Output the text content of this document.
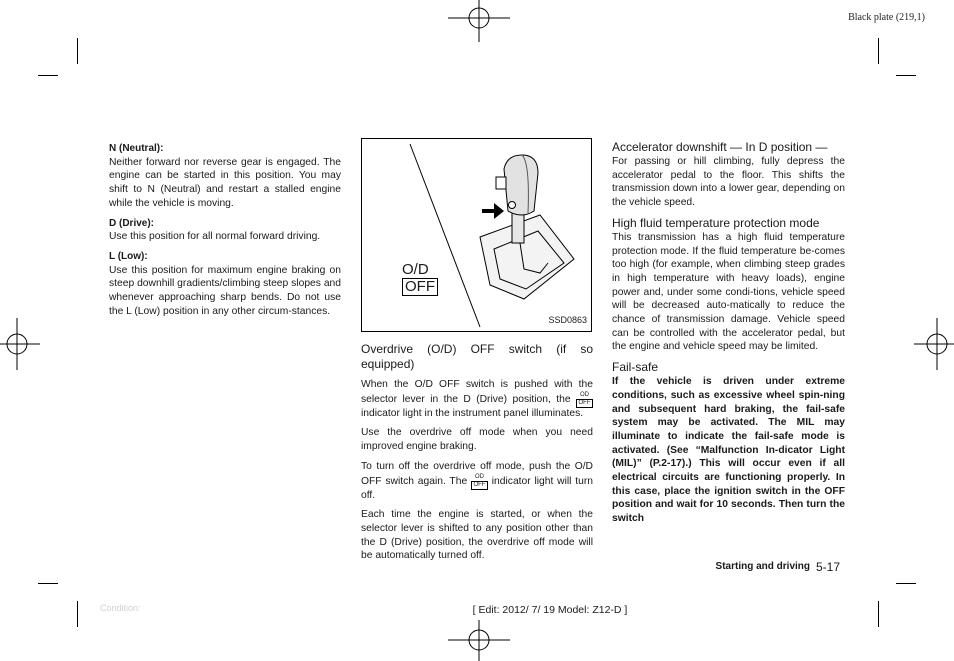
Black plate (219,1)

N (Neutral):

Neither forward nor reverse gear is engaged. The engine can be started in this position. You may shift to N (Neutral) and restart a stalled engine while the vehicle is moving.

D (Drive):

Use this position for all normal forward driving.

L (Low):

Use this position for maximum engine braking on steep downhill gradients/climbing steep slopes and whenever approaching sharp bends. Do not use the L (Low) position in any other circum-stances.

O/D
OFF
SSD0863

Overdrive (O/D) OFF switch (if so equipped)

When the O/D OFF switch is pushed with the selector lever in the D (Drive) position, the	OD
OFF
indicator light in the instrument panel illuminates.

Use the overdrive off mode when you need improved engine braking.

To turn off the overdrive off mode, push the O/D OFF switch again. The	OD
OFF indicator light will turn off.

Each time the engine is started, or when the selector lever is shifted to any position other than the D (Drive) position, the overdrive off mode will be automatically turned off.

Accelerator downshift — In D position —

For passing or hill climbing, fully depress the accelerator pedal to the floor. This shifts the transmission down into a lower gear, depending on the vehicle speed.

High fluid temperature protection mode

This transmission has a high fluid temperature protection mode. If the fluid temperature be-comes too high (for example, when climbing steep grades in high temperature with heavy loads), engine power and, under some condi-tions, vehicle speed will be decreased auto-matically to reduce the chance of transmission damage. Vehicle speed can be controlled with the accelerator pedal, but the engine and vehicle speed may be limited.

Fail-safe

If the vehicle is driven under extreme conditions, such as excessive wheel spin-ning and subsequent hard braking, the fail-safe system may be activated. The MIL may illuminate to indicate the fail-safe mode is activated. (See “Malfunction In-dicator Light (MIL)” (P.2-17).) This will occur even if all electrical circuits are functioning properly. In this case, place the ignition switch in the OFF position and wait for 10 seconds. Then turn the switch

Starting and driving 5-17
Condition:	[ Edit: 2012/ 7/ 19 Model: Z12-D ]
